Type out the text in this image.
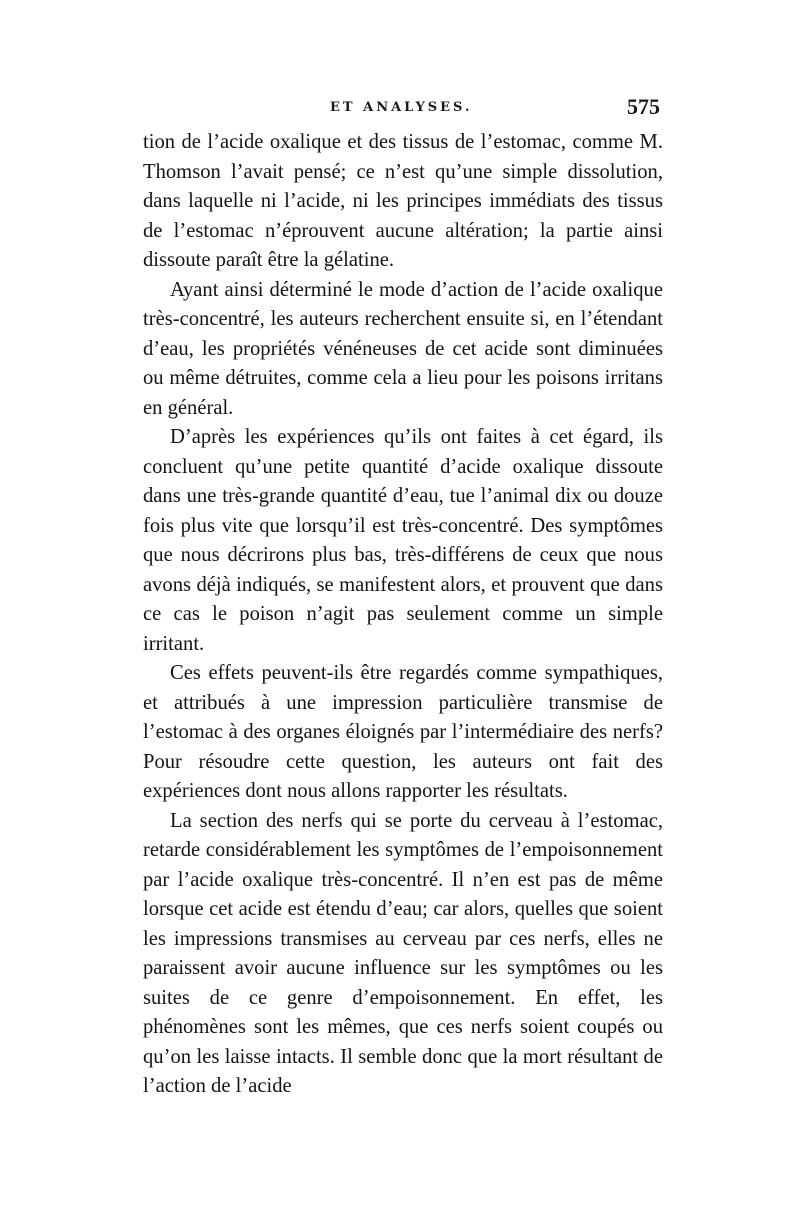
ET ANALYSES.	575

tion de l’acide oxalique et des tissus de l’estomac, comme M. Thomson l’avait pensé; ce n’est qu’une simple dissolution, dans laquelle ni l’acide, ni les principes immédiats des tissus de l’estomac n’éprouvent aucune altération; la partie ainsi dissoute paraît être la gélatine.

Ayant ainsi déterminé le mode d’action de l’acide oxalique très-concentré, les auteurs recherchent ensuite si, en l’étendant d’eau, les propriétés vénéneuses de cet acide sont diminuées ou même détruites, comme cela a lieu pour les poisons irritans en général.

D’après les expériences qu’ils ont faites à cet égard, ils concluent qu’une petite quantité d’acide oxalique dissoute dans une très-grande quantité d’eau, tue l’animal dix ou douze fois plus vite que lorsqu’il est très-concentré. Des symptômes que nous décrirons plus bas, très-différens de ceux que nous avons déjà indiqués, se manifestent alors, et prouvent que dans ce cas le poison n’agit pas seulement comme un simple irritant.

Ces effets peuvent-ils être regardés comme sympathiques, et attribués à une impression particulière transmise de l’estomac à des organes éloignés par l’intermédiaire des nerfs? Pour résoudre cette question, les auteurs ont fait des expériences dont nous allons rapporter les résultats.

La section des nerfs qui se porte du cerveau à l’estomac, retarde considérablement les symptômes de l’empoisonnement par l’acide oxalique très-concentré. Il n’en est pas de même lorsque cet acide est étendu d’eau; car alors, quelles que soient les impressions transmises au cerveau par ces nerfs, elles ne paraissent avoir aucune influence sur les symptômes ou les suites de ce genre d’empoisonnement. En effet, les phénomènes sont les mêmes, que ces nerfs soient coupés ou qu’on les laisse intacts. Il semble donc que la mort résultant de l’action de l’acide
